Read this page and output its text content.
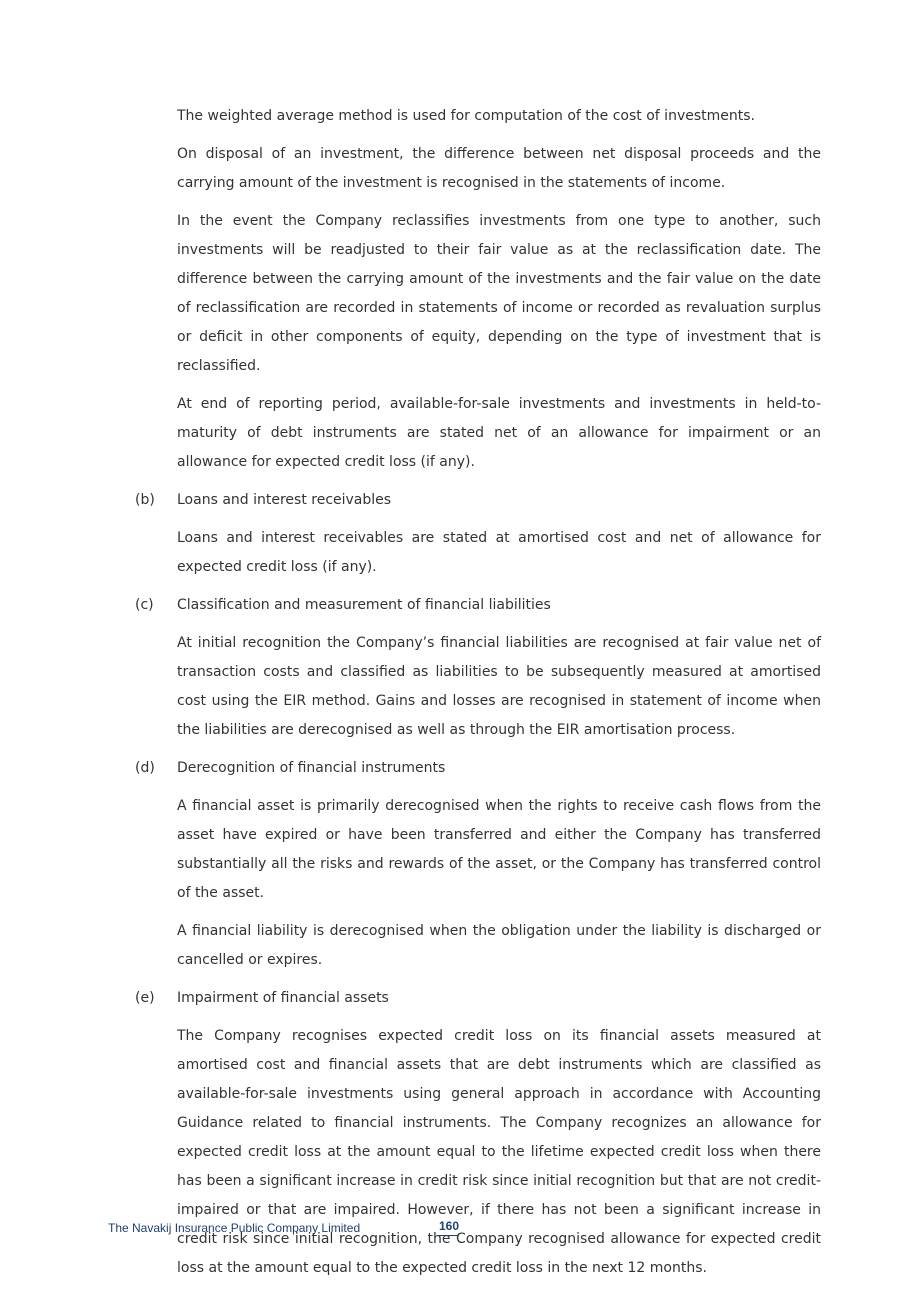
The weighted average method is used for computation of the cost of investments.

On disposal of an investment, the difference between net disposal proceeds and the carrying amount of the investment is recognised in the statements of income.

In the event the Company reclassifies investments from one type to another, such investments will be readjusted to their fair value as at the reclassification date. The difference between the carrying amount of the investments and the fair value on the date of reclassification are recorded in statements of income or recorded as revaluation surplus or deficit in other components of equity, depending on the type of investment that is reclassified.

At end of reporting period, available-for-sale investments and investments in held-to-maturity of debt instruments are stated net of an allowance for impairment or an allowance for expected credit loss (if any).

(b) Loans and interest receivables

Loans and interest receivables are stated at amortised cost and net of allowance for expected credit loss (if any).

(c) Classification and measurement of financial liabilities

At initial recognition the Company’s financial liabilities are recognised at fair value net of transaction costs and classified as liabilities to be subsequently measured at amortised cost using the EIR method. Gains and losses are recognised in statement of income when the liabilities are derecognised as well as through the EIR amortisation process.

(d) Derecognition of financial instruments

A financial asset is primarily derecognised when the rights to receive cash flows from the asset have expired or have been transferred and either the Company has transferred substantially all the risks and rewards of the asset, or the Company has transferred control of the asset.

A financial liability is derecognised when the obligation under the liability is discharged or cancelled or expires.

(e) Impairment of financial assets

The Company recognises expected credit loss on its financial assets measured at amortised cost and financial assets that are debt instruments which are classified as available-for-sale investments using general approach in accordance with Accounting Guidance related to financial instruments. The Company recognizes an allowance for expected credit loss at the amount equal to the lifetime expected credit loss when there has been a significant increase in credit risk since initial recognition but that are not credit-impaired or that are impaired. However, if there has not been a significant increase in credit risk since initial recognition, the Company recognised allowance for expected credit loss at the amount equal to the expected credit loss in the next 12 months.

The Navakij Insurance Public Company Limited	160
